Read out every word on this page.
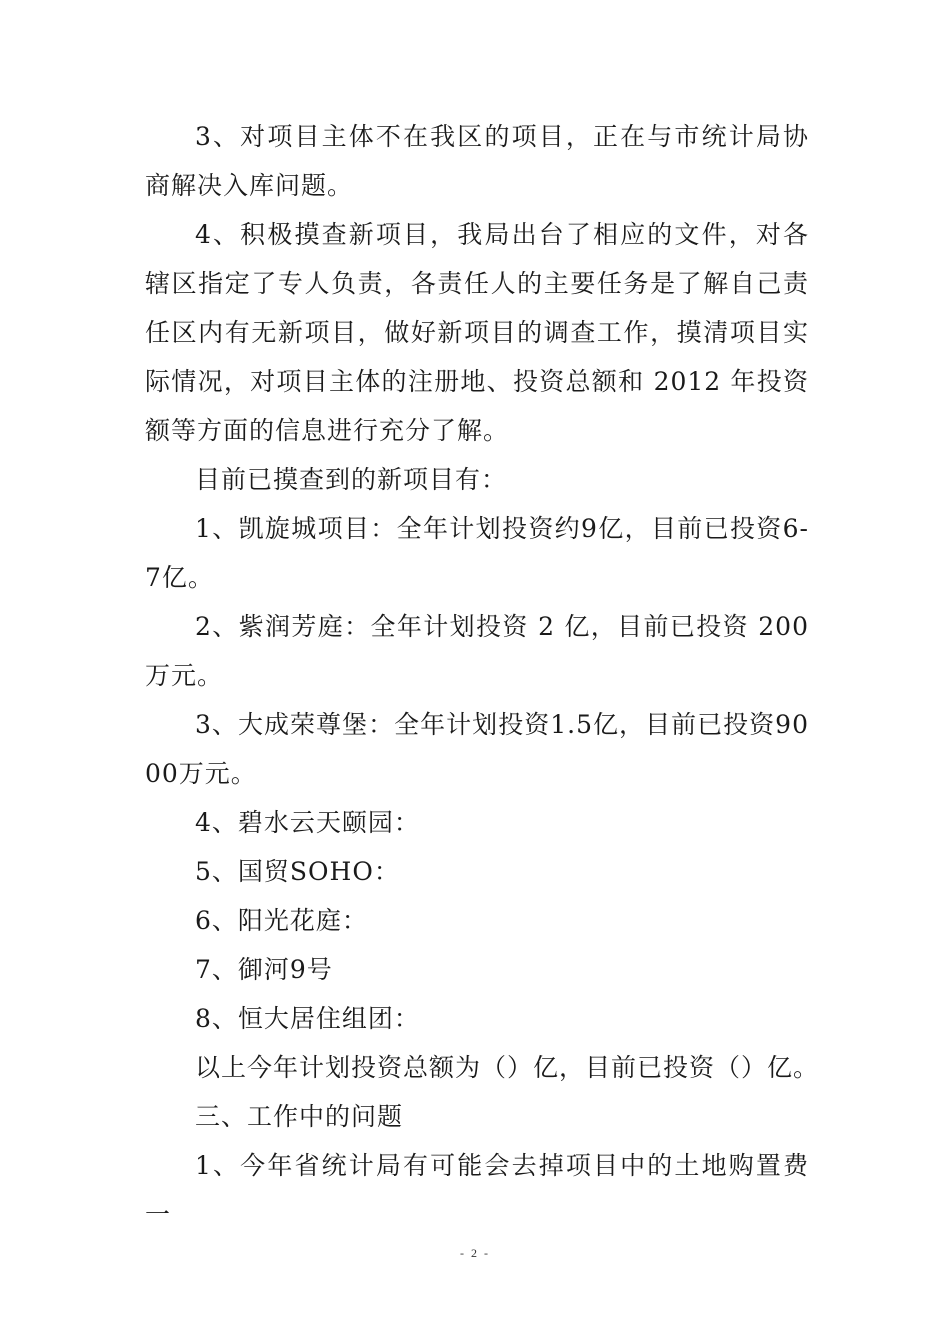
3、对项目主体不在我区的项目，正在与市统计局协商解决入库问题。

4、积极摸查新项目，我局出台了相应的文件，对各辖区指定了专人负责，各责任人的主要任务是了解自己责任区内有无新项目，做好新项目的调查工作，摸清项目实际情况，对项目主体的注册地、投资总额和 2012 年投资额等方面的信息进行充分了解。

目前已摸查到的新项目有：

1、凯旋城项目：全年计划投资约9亿，目前已投资6-7亿。

2、紫润芳庭：全年计划投资 2 亿，目前已投资 200 万元。

3、大成荣尊堡：全年计划投资1.5亿，目前已投资9000万元。

4、碧水云天颐园：

5、国贸SOHO：

6、阳光花庭：

7、御河9号

8、恒大居住组团：

以上今年计划投资总额为（）亿，目前已投资（）亿。

三、工作中的问题

1、今年省统计局有可能会去掉项目中的土地购置费一

- 2 -
